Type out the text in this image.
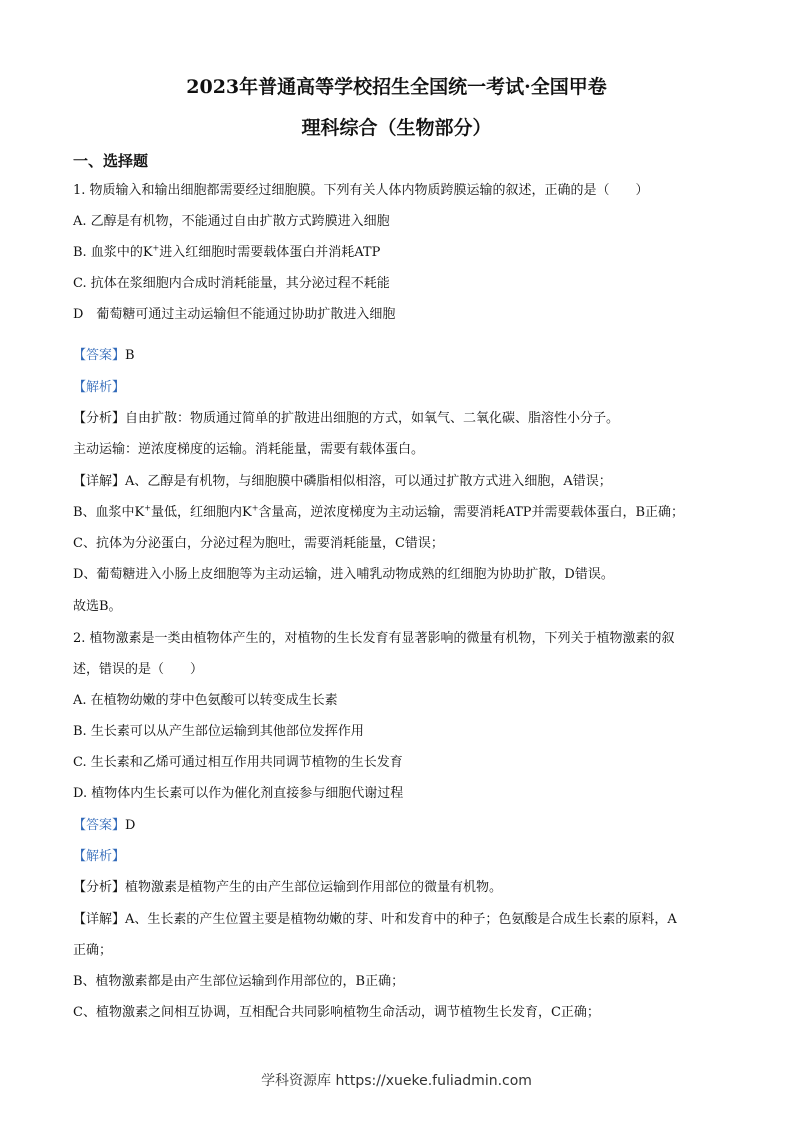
2023年普通高等学校招生全国统一考试·全国甲卷
理科综合（生物部分）
一、选择题
1. 物质输入和输出细胞都需要经过细胞膜。下列有关人体内物质跨膜运输的叙述，正确的是（　　）
A. 乙醇是有机物，不能通过自由扩散方式跨膜进入细胞
B. 血浆中的K+进入红细胞时需要载体蛋白并消耗ATP
C. 抗体在浆细胞内合成时消耗能量，其分泌过程不耗能
D　葡萄糖可通过主动运输但不能通过协助扩散进入细胞
【答案】B
【解析】
【分析】自由扩散：物质通过简单的扩散进出细胞的方式，如氧气、二氧化碳、脂溶性小分子。
主动运输：逆浓度梯度的运输。消耗能量，需要有载体蛋白。
【详解】A、乙醇是有机物，与细胞膜中磷脂相似相溶，可以通过扩散方式进入细胞，A错误；
B、血浆中K+量低，红细胞内K+含量高，逆浓度梯度为主动运输，需要消耗ATP并需要载体蛋白，B正确；
C、抗体为分泌蛋白，分泌过程为胞吐，需要消耗能量，C错误；
D、葡萄糖进入小肠上皮细胞等为主动运输，进入哺乳动物成熟的红细胞为协助扩散，D错误。
故选B。
2. 植物激素是一类由植物体产生的，对植物的生长发育有显著影响的微量有机物，下列关于植物激素的叙
述，错误的是（　　）
A. 在植物幼嫩的芽中色氨酸可以转变成生长素
B. 生长素可以从产生部位运输到其他部位发挥作用
C. 生长素和乙烯可通过相互作用共同调节植物的生长发育
D. 植物体内生长素可以作为催化剂直接参与细胞代谢过程
【答案】D
【解析】
【分析】植物激素是植物产生的由产生部位运输到作用部位的微量有机物。
【详解】A、生长素的产生位置主要是植物幼嫩的芽、叶和发育中的种子；色氨酸是合成生长素的原料，A
正确；
B、植物激素都是由产生部位运输到作用部位的，B正确；
C、植物激素之间相互协调，互相配合共同影响植物生命活动，调节植物生长发育，C正确；
学科资源库 https://xueke.fuliadmin.com
